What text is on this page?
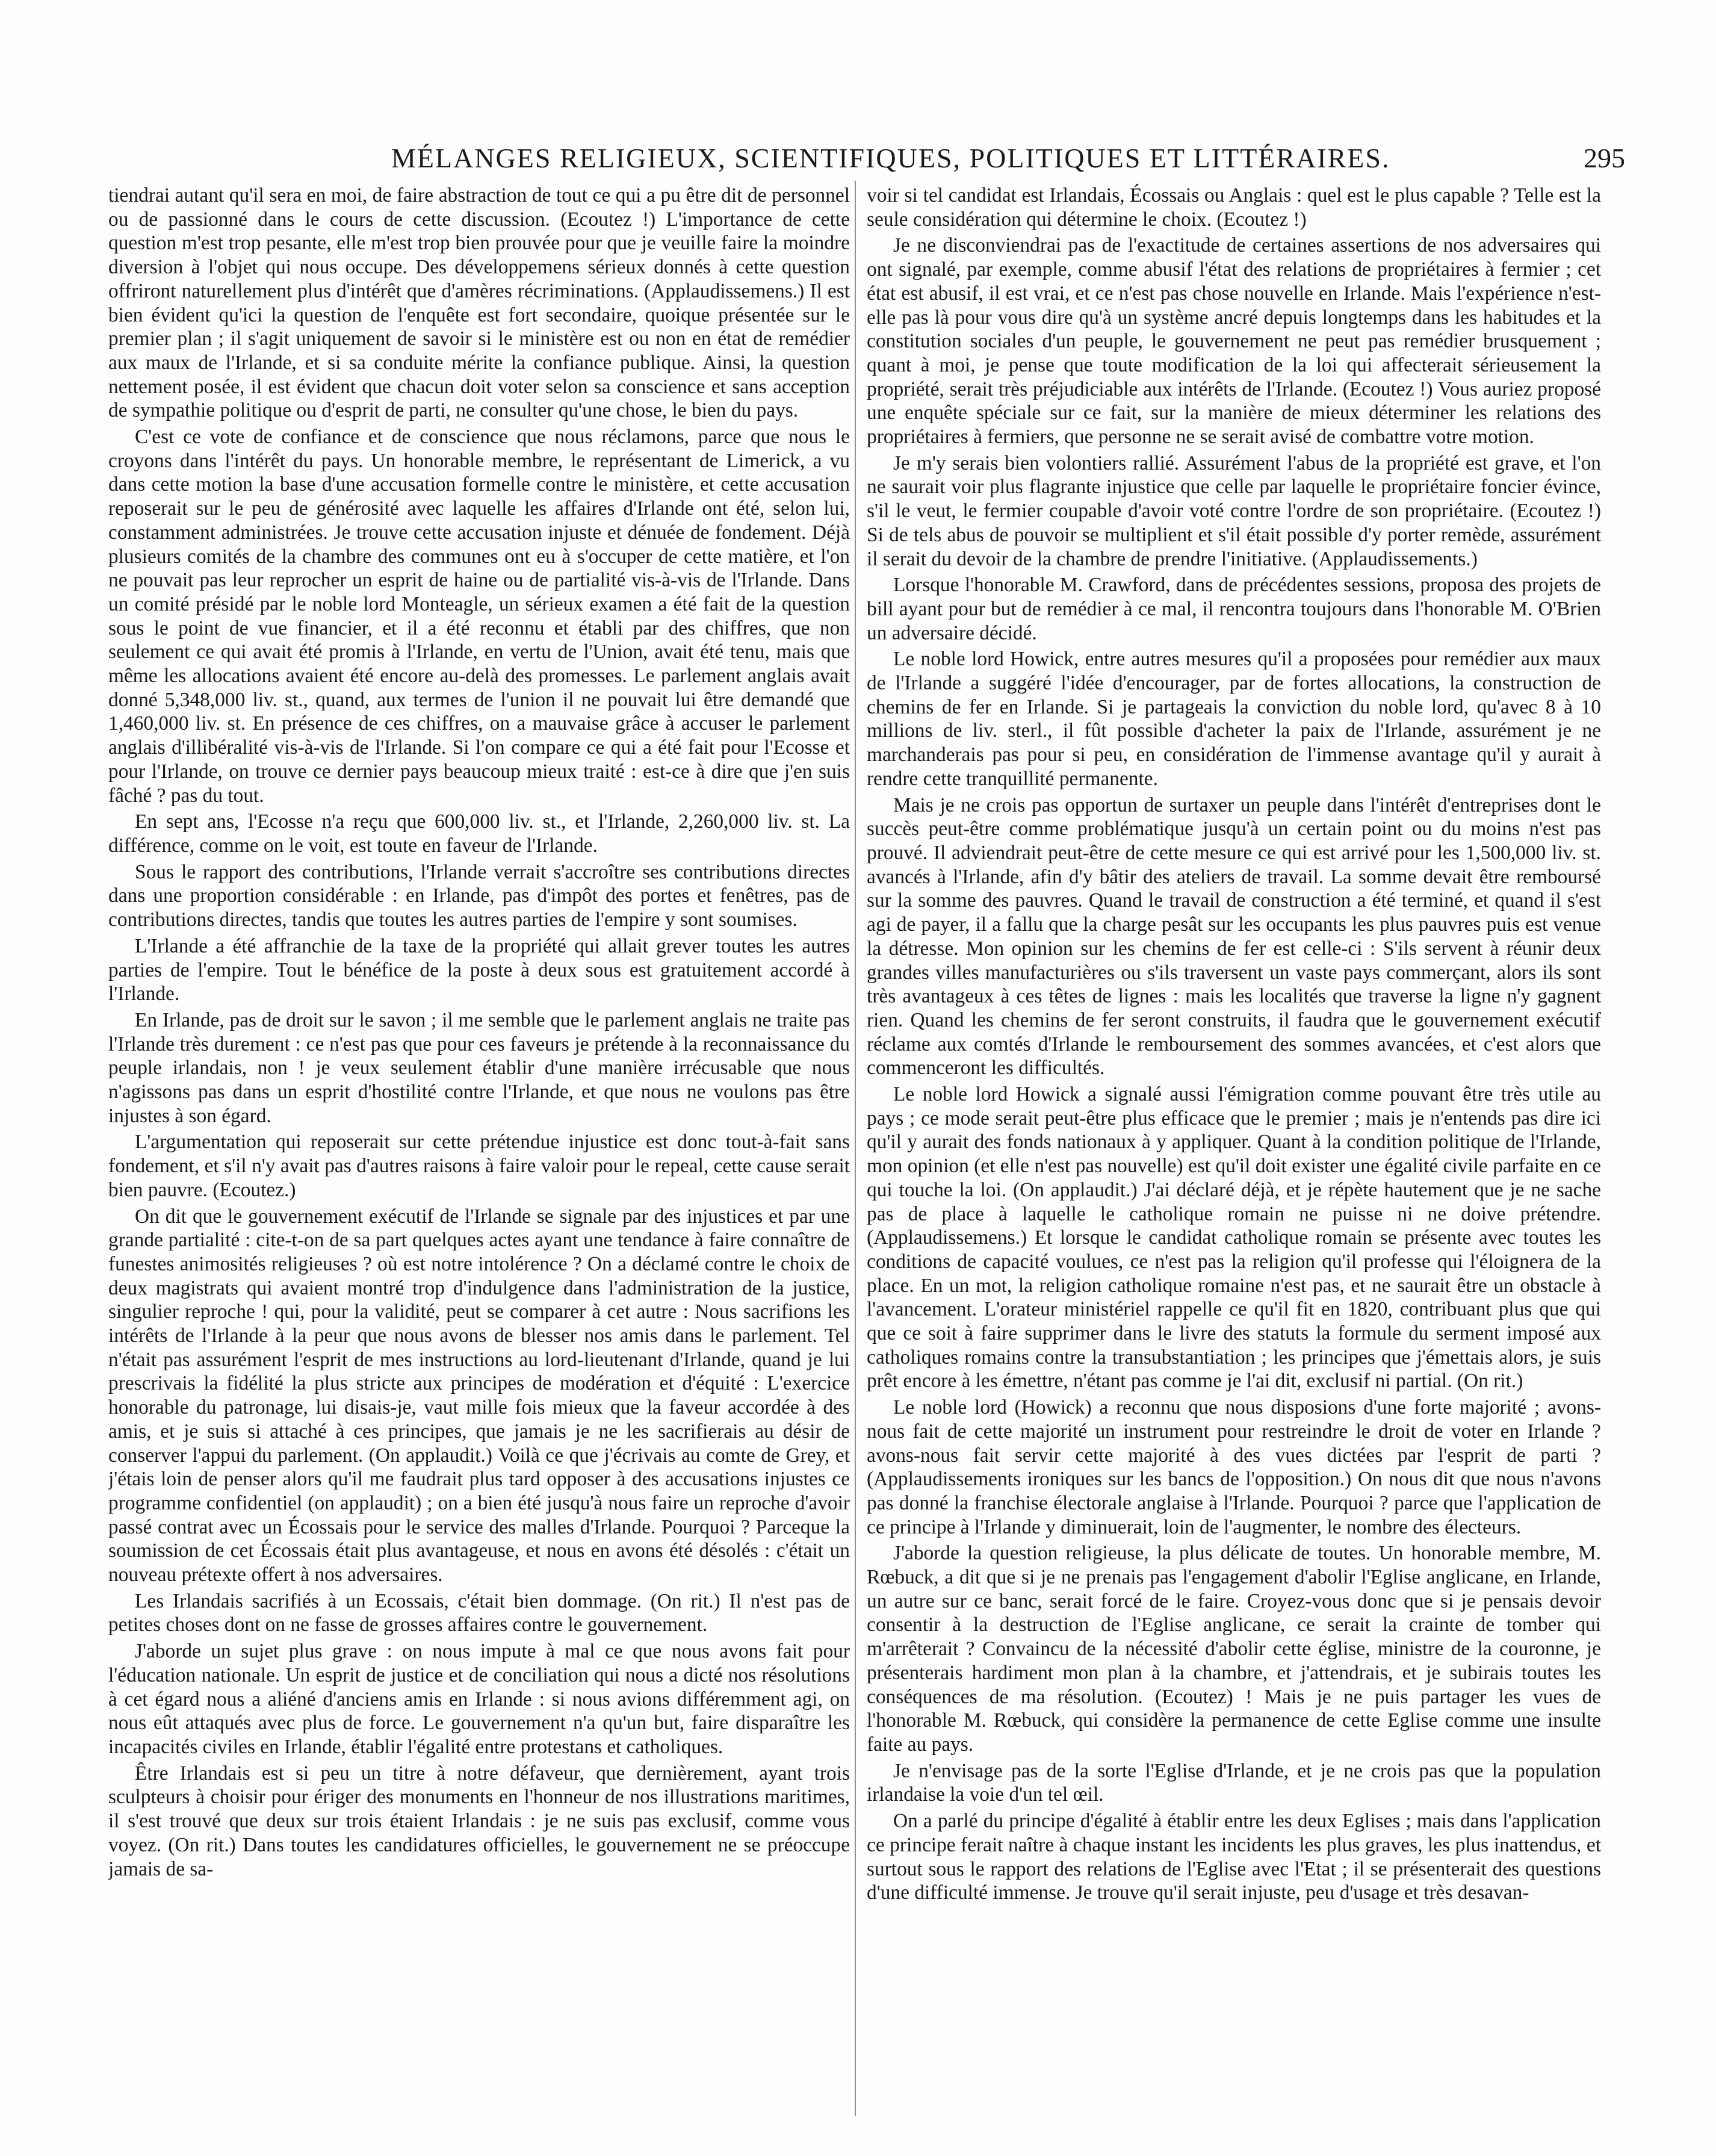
MÉLANGES RELIGIEUX, SCIENTIFIQUES, POLITIQUES ET LITTÉRAIRES.	295

tiendrai autant qu'il sera en moi, de faire abstraction de tout ce qui a pu être dit de personnel ou de passionné dans le cours de cette discussion. (Ecoutez !) L'importance de cette question m'est trop pesante, elle m'est trop bien prouvée pour que je veuille faire la moindre diversion à l'objet qui nous occupe. Des développemens sérieux donnés à cette question offriront naturellement plus d'intérêt que d'amères récriminations. (Applaudissemens.) Il est bien évident qu'ici la question de l'enquête est fort secondaire, quoique présentée sur le premier plan ; il s'agit uniquement de savoir si le ministère est ou non en état de remédier aux maux de l'Irlande, et si sa conduite mérite la confiance publique. Ainsi, la question nettement posée, il est évident que chacun doit voter selon sa conscience et sans acception de sympathie politique ou d'esprit de parti, ne consulter qu'une chose, le bien du pays.

C'est ce vote de confiance et de conscience que nous réclamons, parce que nous le croyons dans l'intérêt du pays. Un honorable membre, le représentant de Limerick, a vu dans cette motion la base d'une accusation formelle contre le ministère, et cette accusation reposerait sur le peu de générosité avec laquelle les affaires d'Irlande ont été, selon lui, constamment administrées. Je trouve cette accusation injuste et dénuée de fondement. Déjà plusieurs comités de la chambre des communes ont eu à s'occuper de cette matière, et l'on ne pouvait pas leur reprocher un esprit de haine ou de partialité vis-à-vis de l'Irlande. Dans un comité présidé par le noble lord Monteagle, un sérieux examen a été fait de la question sous le point de vue financier, et il a été reconnu et établi par des chiffres, que non seulement ce qui avait été promis à l'Irlande, en vertu de l'Union, avait été tenu, mais que même les allocations avaient été encore au-delà des promesses. Le parlement anglais avait donné 5,348,000 liv. st., quand, aux termes de l'union il ne pouvait lui être demandé que 1,460,000 liv. st. En présence de ces chiffres, on a mauvaise grâce à accuser le parlement anglais d'illibéralité vis-à-vis de l'Irlande. Si l'on compare ce qui a été fait pour l'Ecosse et pour l'Irlande, on trouve ce dernier pays beaucoup mieux traité : est-ce à dire que j'en suis fâché ? pas du tout.

En sept ans, l'Ecosse n'a reçu que 600,000 liv. st., et l'Irlande, 2,260,000 liv. st. La différence, comme on le voit, est toute en faveur de l'Irlande.

Sous le rapport des contributions, l'Irlande verrait s'accroître ses contributions directes dans une proportion considérable : en Irlande, pas d'impôt des portes et fenêtres, pas de contributions directes, tandis que toutes les autres parties de l'empire y sont soumises.

L'Irlande a été affranchie de la taxe de la propriété qui allait grever toutes les autres parties de l'empire. Tout le bénéfice de la poste à deux sous est gratuitement accordé à l'Irlande.

En Irlande, pas de droit sur le savon ; il me semble que le parlement anglais ne traite pas l'Irlande très durement : ce n'est pas que pour ces faveurs je prétende à la reconnaissance du peuple irlandais, non ! je veux seulement établir d'une manière irrécusable que nous n'agissons pas dans un esprit d'hostilité contre l'Irlande, et que nous ne voulons pas être injustes à son égard.

L'argumentation qui reposerait sur cette prétendue injustice est donc tout-à-fait sans fondement, et s'il n'y avait pas d'autres raisons à faire valoir pour le repeal, cette cause serait bien pauvre. (Ecoutez.)

On dit que le gouvernement exécutif de l'Irlande se signale par des injustices et par une grande partialité : cite-t-on de sa part quelques actes ayant une tendance à faire connaître de funestes animosités religieuses ? où est notre intolérence ? On a déclamé contre le choix de deux magistrats qui avaient montré trop d'indulgence dans l'administration de la justice, singulier reproche ! qui, pour la validité, peut se comparer à cet autre : Nous sacrifions les intérêts de l'Irlande à la peur que nous avons de blesser nos amis dans le parlement. Tel n'était pas assurément l'esprit de mes instructions au lord-lieutenant d'Irlande, quand je lui prescrivais la fidélité la plus stricte aux principes de modération et d'équité : L'exercice honorable du patronage, lui disais-je, vaut mille fois mieux que la faveur accordée à des amis, et je suis si attaché à ces principes, que jamais je ne les sacrifierais au désir de conserver l'appui du parlement. (On applaudit.) Voilà ce que j'écrivais au comte de Grey, et j'étais loin de penser alors qu'il me faudrait plus tard opposer à des accusations injustes ce programme confidentiel (on applaudit) ; on a bien été jusqu'à nous faire un reproche d'avoir passé contrat avec un Écossais pour le service des malles d'Irlande. Pourquoi ? Parceque la soumission de cet Écossais était plus avantageuse, et nous en avons été désolés : c'était un nouveau prétexte offert à nos adversaires.

Les Irlandais sacrifiés à un Ecossais, c'était bien dommage. (On rit.) Il n'est pas de petites choses dont on ne fasse de grosses affaires contre le gouvernement.

J'aborde un sujet plus grave : on nous impute à mal ce que nous avons fait pour l'éducation nationale. Un esprit de justice et de conciliation qui nous a dicté nos résolutions à cet égard nous a aliéné d'anciens amis en Irlande : si nous avions différemment agi, on nous eût attaqués avec plus de force. Le gouvernement n'a qu'un but, faire disparaître les incapacités civiles en Irlande, établir l'égalité entre protestans et catholiques.

Être Irlandais est si peu un titre à notre défaveur, que dernièrement, ayant trois sculpteurs à choisir pour ériger des monuments en l'honneur de nos illustrations maritimes, il s'est trouvé que deux sur trois étaient Irlandais : je ne suis pas exclusif, comme vous voyez. (On rit.) Dans toutes les candidatures officielles, le gouvernement ne se préoccupe jamais de sa-

voir si tel candidat est Irlandais, Écossais ou Anglais : quel est le plus capable ? Telle est la seule considération qui détermine le choix. (Ecoutez !)

Je ne disconviendrai pas de l'exactitude de certaines assertions de nos adversaires qui ont signalé, par exemple, comme abusif l'état des relations de propriétaires à fermier ; cet état est abusif, il est vrai, et ce n'est pas chose nouvelle en Irlande. Mais l'expérience n'est-elle pas là pour vous dire qu'à un système ancré depuis longtemps dans les habitudes et la constitution sociales d'un peuple, le gouvernement ne peut pas remédier brusquement ; quant à moi, je pense que toute modification de la loi qui affecterait sérieusement la propriété, serait très préjudiciable aux intérêts de l'Irlande. (Ecoutez !) Vous auriez proposé une enquête spéciale sur ce fait, sur la manière de mieux déterminer les relations des propriétaires à fermiers, que personne ne se serait avisé de combattre votre motion.

Je m'y serais bien volontiers rallié. Assurément l'abus de la propriété est grave, et l'on ne saurait voir plus flagrante injustice que celle par laquelle le propriétaire foncier évince, s'il le veut, le fermier coupable d'avoir voté contre l'ordre de son propriétaire. (Ecoutez !) Si de tels abus de pouvoir se multiplient et s'il était possible d'y porter remède, assurément il serait du devoir de la chambre de prendre l'initiative. (Applaudissements.)

Lorsque l'honorable M. Crawford, dans de précédentes sessions, proposa des projets de bill ayant pour but de remédier à ce mal, il rencontra toujours dans l'honorable M. O'Brien un adversaire décidé.

Le noble lord Howick, entre autres mesures qu'il a proposées pour remédier aux maux de l'Irlande a suggéré l'idée d'encourager, par de fortes allocations, la construction de chemins de fer en Irlande. Si je partageais la conviction du noble lord, qu'avec 8 à 10 millions de liv. sterl., il fût possible d'acheter la paix de l'Irlande, assurément je ne marchanderais pas pour si peu, en considération de l'immense avantage qu'il y aurait à rendre cette tranquillité permanente.

Mais je ne crois pas opportun de surtaxer un peuple dans l'intérêt d'entreprises dont le succès peut-être comme problématique jusqu'à un certain point ou du moins n'est pas prouvé. Il adviendrait peut-être de cette mesure ce qui est arrivé pour les 1,500,000 liv. st. avancés à l'Irlande, afin d'y bâtir des ateliers de travail. La somme devait être remboursé sur la somme des pauvres. Quand le travail de construction a été terminé, et quand il s'est agi de payer, il a fallu que la charge pesât sur les occupants les plus pauvres puis est venue la détresse. Mon opinion sur les chemins de fer est celle-ci : S'ils servent à réunir deux grandes villes manufacturières ou s'ils traversent un vaste pays commerçant, alors ils sont très avantageux à ces têtes de lignes : mais les localités que traverse la ligne n'y gagnent rien. Quand les chemins de fer seront construits, il faudra que le gouvernement exécutif réclame aux comtés d'Irlande le remboursement des sommes avancées, et c'est alors que commenceront les difficultés.

Le noble lord Howick a signalé aussi l'émigration comme pouvant être très utile au pays ; ce mode serait peut-être plus efficace que le premier ; mais je n'entends pas dire ici qu'il y aurait des fonds nationaux à y appliquer. Quant à la condition politique de l'Irlande, mon opinion (et elle n'est pas nouvelle) est qu'il doit exister une égalité civile parfaite en ce qui touche la loi. (On applaudit.) J'ai déclaré déjà, et je répète hautement que je ne sache pas de place à laquelle le catholique romain ne puisse ni ne doive prétendre. (Applaudissemens.) Et lorsque le candidat catholique romain se présente avec toutes les conditions de capacité voulues, ce n'est pas la religion qu'il professe qui l'éloignera de la place. En un mot, la religion catholique romaine n'est pas, et ne saurait être un obstacle à l'avancement. L'orateur ministériel rappelle ce qu'il fit en 1820, contribuant plus que qui que ce soit à faire supprimer dans le livre des statuts la formule du serment imposé aux catholiques romains contre la transubstantiation ; les principes que j'émettais alors, je suis prêt encore à les émettre, n'étant pas comme je l'ai dit, exclusif ni partial. (On rit.)

Le noble lord (Howick) a reconnu que nous disposions d'une forte majorité ; avons-nous fait de cette majorité un instrument pour restreindre le droit de voter en Irlande ? avons-nous fait servir cette majorité à des vues dictées par l'esprit de parti ? (Applaudissements ironiques sur les bancs de l'opposition.) On nous dit que nous n'avons pas donné la franchise électorale anglaise à l'Irlande. Pourquoi ? parce que l'application de ce principe à l'Irlande y diminuerait, loin de l'augmenter, le nombre des électeurs.

J'aborde la question religieuse, la plus délicate de toutes. Un honorable membre, M. Rœbuck, a dit que si je ne prenais pas l'engagement d'abolir l'Eglise anglicane, en Irlande, un autre sur ce banc, serait forcé de le faire. Croyez-vous donc que si je pensais devoir consentir à la destruction de l'Eglise anglicane, ce serait la crainte de tomber qui m'arrêterait ? Convaincu de la nécessité d'abolir cette église, ministre de la couronne, je présenterais hardiment mon plan à la chambre, et j'attendrais, et je subirais toutes les conséquences de ma résolution. (Ecoutez) ! Mais je ne puis partager les vues de l'honorable M. Rœbuck, qui considère la permanence de cette Eglise comme une insulte faite au pays.

Je n'envisage pas de la sorte l'Eglise d'Irlande, et je ne crois pas que la population irlandaise la voie d'un tel œil.

On a parlé du principe d'égalité à établir entre les deux Eglises ; mais dans l'application ce principe ferait naître à chaque instant les incidents les plus graves, les plus inattendus, et surtout sous le rapport des relations de l'Eglise avec l'Etat ; il se présenterait des questions d'une difficulté immense. Je trouve qu'il serait injuste, peu d'usage et très desavan-
